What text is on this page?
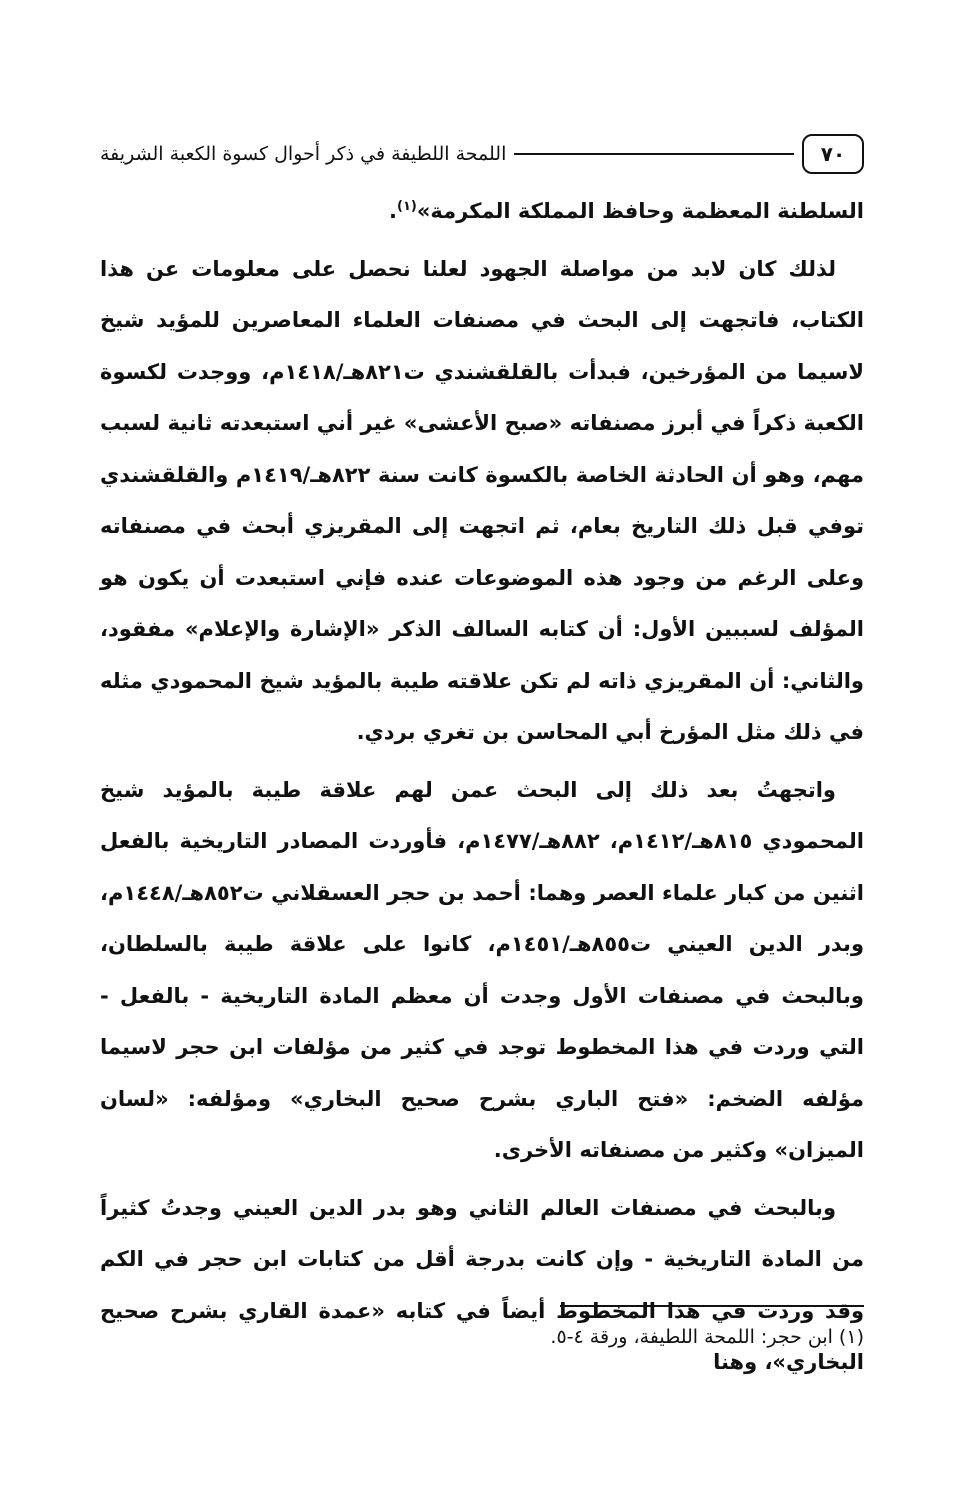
٧٠
اللمحة اللطيفة في ذكر أحوال كسوة الكعبة الشريفة

السلطنة المعظمة وحافظ المملكة المكرمة»$^{(١)}$.

لذلك كان لابد من مواصلة الجهود لعلنا نحصل على معلومات عن هذا الكتاب، فاتجهت إلى البحث في مصنفات العلماء المعاصرين للمؤيد شيخ لاسيما من المؤرخين، فبدأت بالقلقشندي ت٨٢١هـ/١٤١٨م، ووجدت لكسوة الكعبة ذكراً في أبرز مصنفاته «صبح الأعشى» غير أني استبعدته ثانية لسبب مهم، وهو أن الحادثة الخاصة بالكسوة كانت سنة ٨٢٢هـ/١٤١٩م والقلقشندي توفي قبل ذلك التاريخ بعام، ثم اتجهت إلى المقريزي أبحث في مصنفاته وعلى الرغم من وجود هذه الموضوعات عنده فإني استبعدت أن يكون هو المؤلف لسببين الأول: أن كتابه السالف الذكر «الإشارة والإعلام» مفقود، والثاني: أن المقريزي ذاته لم تكن علاقته طيبة بالمؤيد شيخ المحمودي مثله في ذلك مثل المؤرخ أبي المحاسن بن تغري بردي.

واتجهتُ بعد ذلك إلى البحث عمن لهم علاقة طيبة بالمؤيد شيخ المحمودي ٨١٥هـ/١٤١٢م، ٨٨٢هـ/١٤٧٧م، فأوردت المصادر التاريخية بالفعل اثنين من كبار علماء العصر وهما: أحمد بن حجر العسقلاني ت٨٥٢هـ/١٤٤٨م، وبدر الدين العيني ت٨٥٥هـ/١٤٥١م، كانوا على علاقة طيبة بالسلطان، وبالبحث في مصنفات الأول وجدت أن معظم المادة التاريخية - بالفعل - التي وردت في هذا المخطوط توجد في كثير من مؤلفات ابن حجر لاسيما مؤلفه الضخم: «فتح الباري بشرح صحيح البخاري» ومؤلفه: «لسان الميزان» وكثير من مصنفاته الأخرى.

وبالبحث في مصنفات العالم الثاني وهو بدر الدين العيني وجدتُ كثيراً من المادة التاريخية - وإن كانت بدرجة أقل من كتابات ابن حجر في الكم وقد وردت في هذا المخطوط أيضاً في كتابه «عمدة القاري بشرح صحيح البخاري»، وهنا

(١) ابن حجر: اللمحة اللطيفة، ورقة ٤-٥.
